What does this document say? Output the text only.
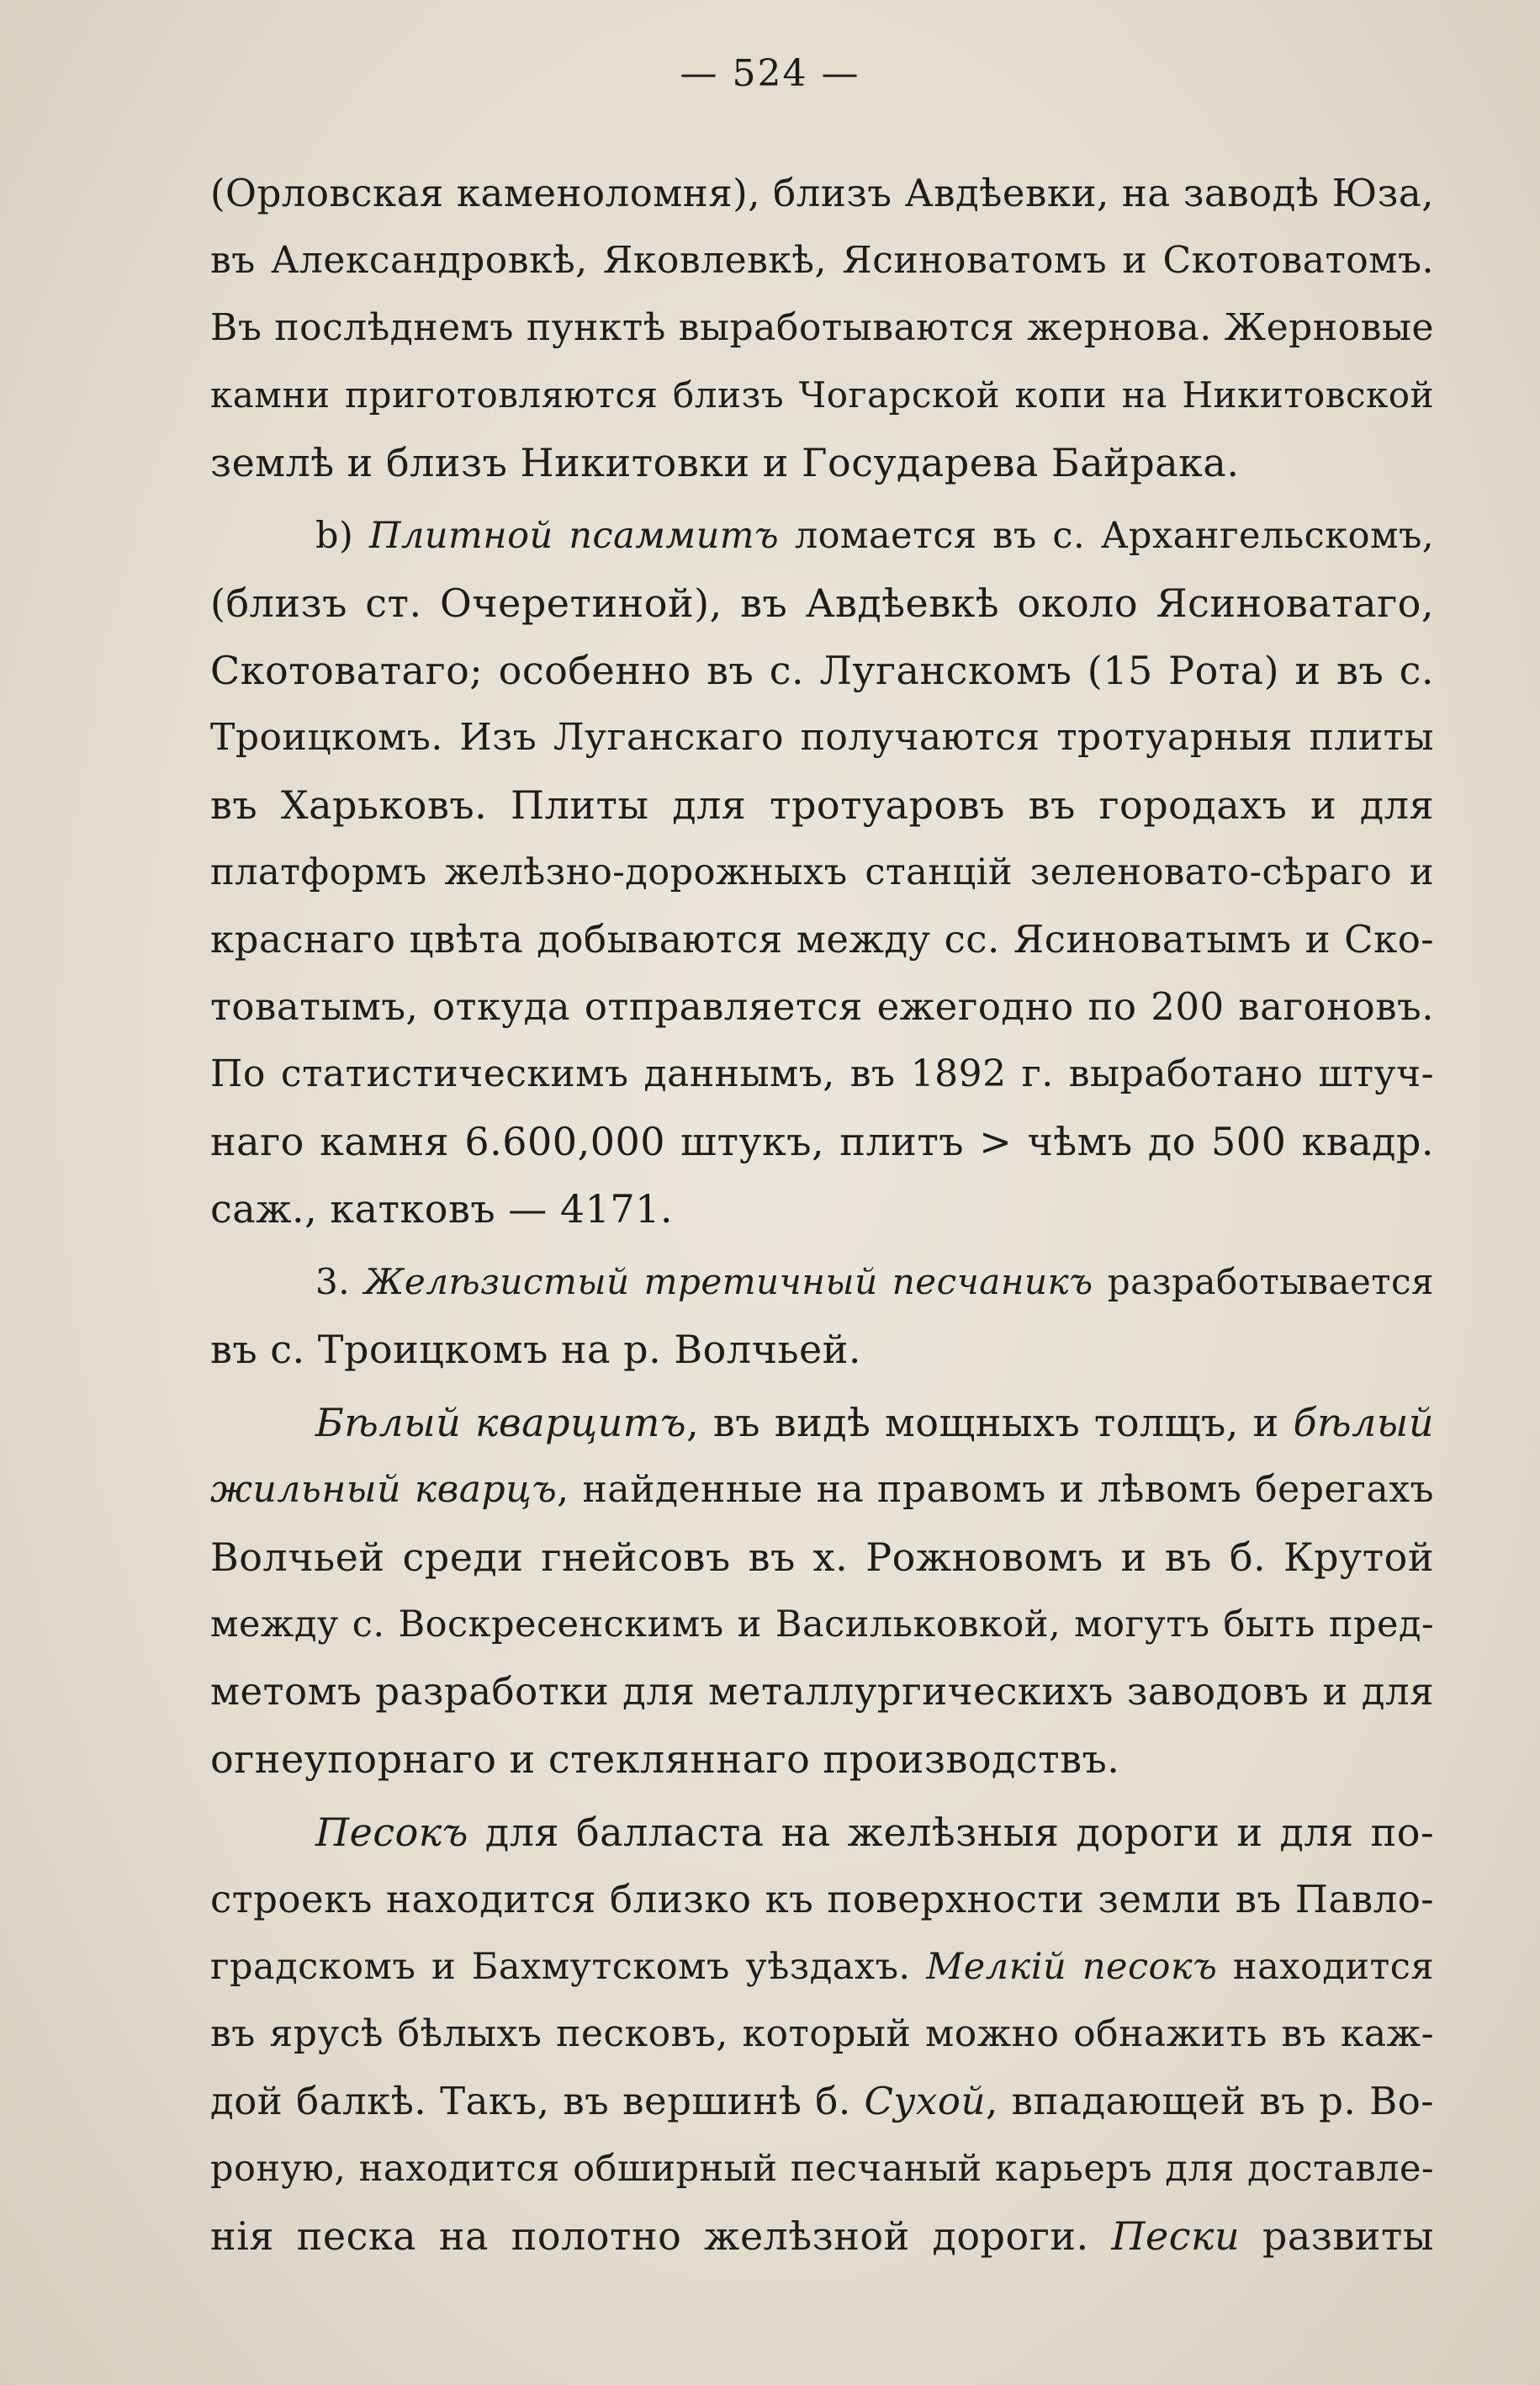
— 524 —
(Орловская каменоломня), близъ Авдѣевки, на заводѣ Юза,
въ Александровкѣ, Яковлевкѣ, Ясиноватомъ и Скотоватомъ.
Въ послѣднемъ пунктѣ выработываются жернова. Жерновые
камни приготовляются близъ Чогарской копи на Никитовской
землѣ и близъ Никитовки и Государева Байрака.
b) Плитной псаммитъ ломается въ с. Архангельскомъ,
(близъ ст. Очеретиной), въ Авдѣевкѣ около Ясиноватаго,
Скотоватаго; особенно въ с. Луганскомъ (15 Рота) и въ с.
Троицкомъ. Изъ Луганскаго получаются тротуарныя плиты
въ Харьковъ. Плиты для тротуаровъ въ городахъ и для
платформъ желѣзно-дорожныхъ станцій зеленовато-сѣраго и
краснаго цвѣта добываются между сс. Ясиноватымъ и Ско-
товатымъ, откуда отправляется ежегодно по 200 вагоновъ.
По статистическимъ даннымъ, въ 1892 г. выработано штуч-
наго камня 6.600,000 штукъ, плитъ > чѣмъ до 500 квадр.
саж., катковъ — 4171.
3. Желѣзистый третичный песчаникъ разработывается
въ с. Троицкомъ на р. Волчьей.
Бѣлый кварцитъ, въ видѣ мощныхъ толщъ, и бѣлый
жильный кварцъ, найденные на правомъ и лѣвомъ берегахъ
Волчьей среди гнейсовъ въ х. Рожновомъ и въ б. Крутой
между с. Воскресенскимъ и Васильковкой, могутъ быть пред-
метомъ разработки для металлургическихъ заводовъ и для
огнеупорнаго и стекляннаго производствъ.
Песокъ для балласта на желѣзныя дороги и для по-
строекъ находится близко къ поверхности земли въ Павло-
градскомъ и Бахмутскомъ уѣздахъ. Мелкій песокъ находится
въ ярусѣ бѣлыхъ песковъ, который можно обнажить въ каж-
дой балкѣ. Такъ, въ вершинѣ б. Сухой, впадающей въ р. Во-
роную, находится обширный песчаный карьеръ для доставле-
нія песка на полотно желѣзной дороги. Пески развиты
